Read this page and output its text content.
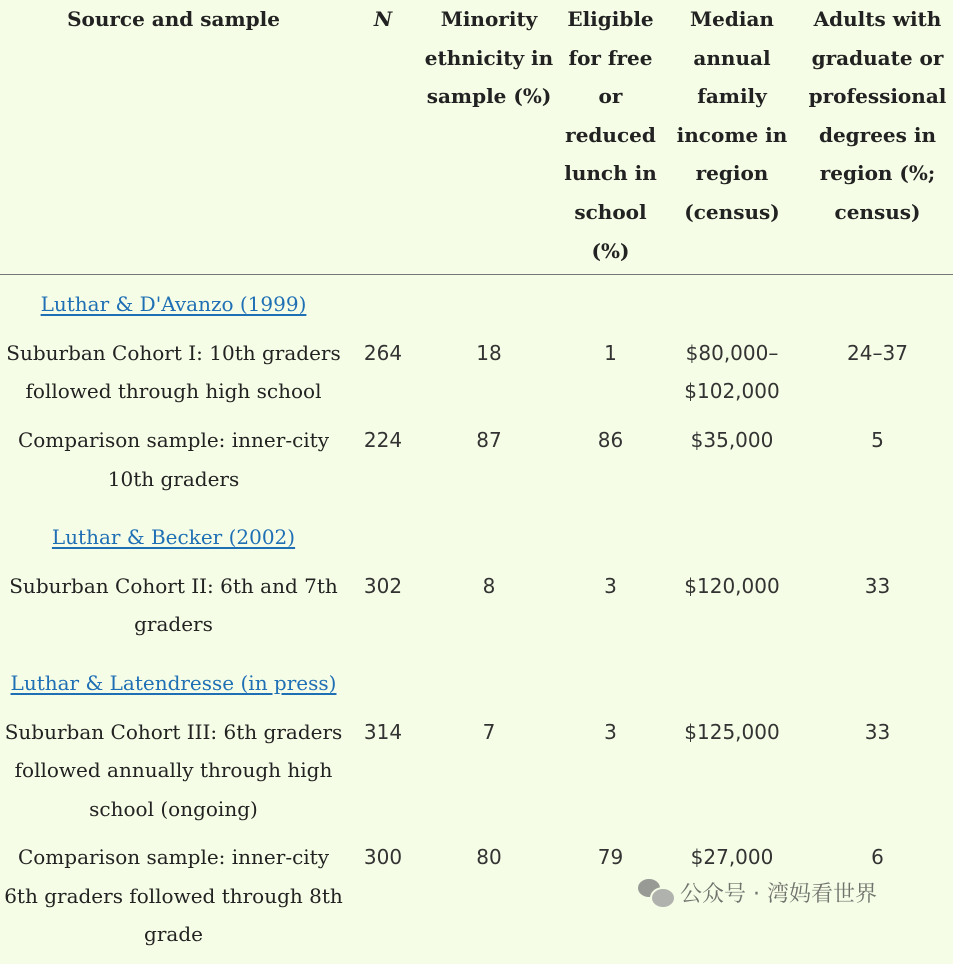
Source and sample	N	Minority ethnicity in sample (%)	Eligible for free or reduced lunch in school (%)	Median annual family income in region (census)	Adults with graduate or professional degrees in region (%; census)
Luthar & D'Avanzo (1999)					
Suburban Cohort I: 10th graders followed through high school	264	18	1	$80,000–$102,000	24–37
Comparison sample: inner-city 10th graders	224	87	86	$35,000	5
Luthar & Becker (2002)					
Suburban Cohort II: 6th and 7th graders	302	8	3	$120,000	33
Luthar & Latendresse (in press)					
Suburban Cohort III: 6th graders followed annually through high school (ongoing)	314	7	3	$125,000	33
Comparison sample: inner-city 6th graders followed through 8th grade	300	80	79	$27,000	6
公众号 · 湾妈看世界
